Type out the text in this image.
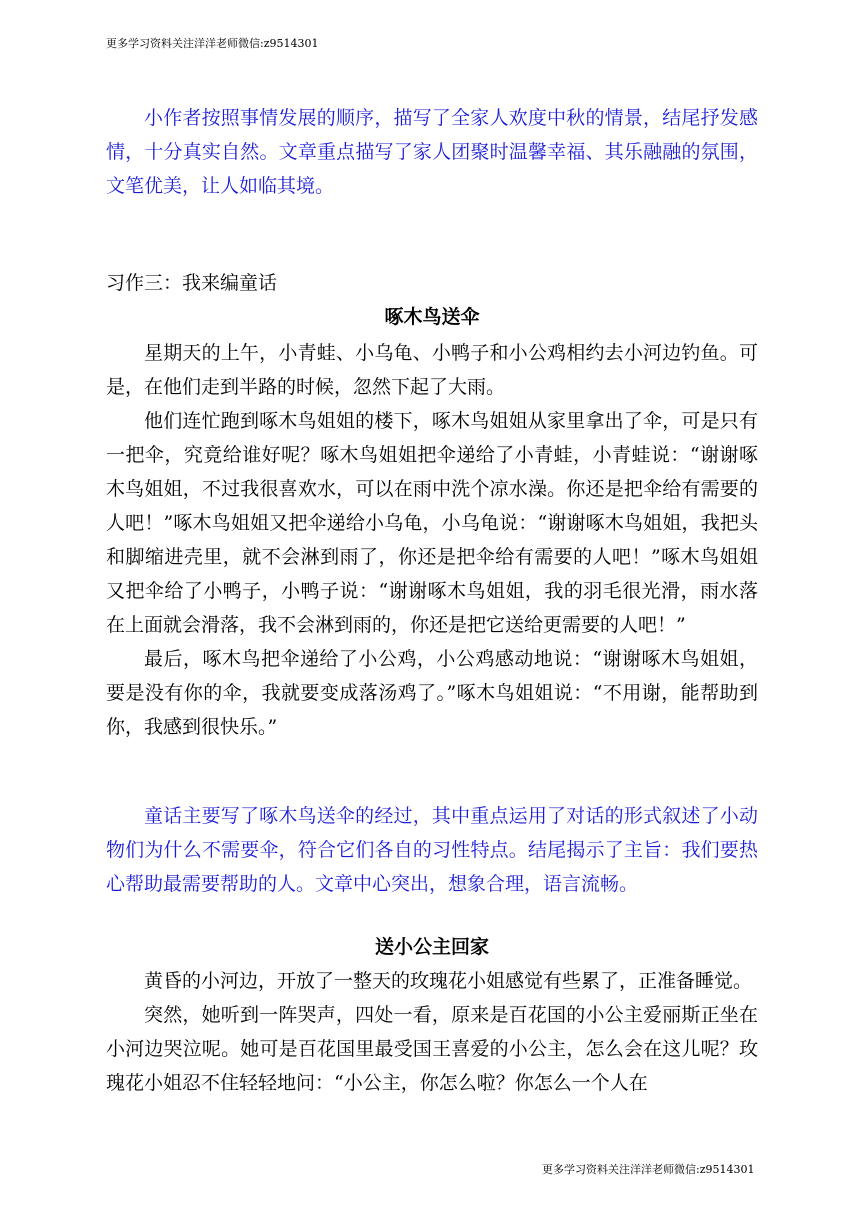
更多学习资料关注洋洋老师微信:z9514301

小作者按照事情发展的顺序，描写了全家人欢度中秋的情景，结尾抒发感情，十分真实自然。文章重点描写了家人团聚时温馨幸福、其乐融融的氛围，文笔优美，让人如临其境。

习作三：我来编童话
啄木鸟送伞

星期天的上午，小青蛙、小乌龟、小鸭子和小公鸡相约去小河边钓鱼。可是，在他们走到半路的时候，忽然下起了大雨。

他们连忙跑到啄木鸟姐姐的楼下，啄木鸟姐姐从家里拿出了伞，可是只有一把伞，究竟给谁好呢？啄木鸟姐姐把伞递给了小青蛙，小青蛙说：“谢谢啄木鸟姐姐，不过我很喜欢水，可以在雨中洗个凉水澡。你还是把伞给有需要的人吧！”啄木鸟姐姐又把伞递给小乌龟，小乌龟说：“谢谢啄木鸟姐姐，我把头和脚缩进壳里，就不会淋到雨了，你还是把伞给有需要的人吧！”啄木鸟姐姐又把伞给了小鸭子，小鸭子说：“谢谢啄木鸟姐姐，我的羽毛很光滑，雨水落在上面就会滑落，我不会淋到雨的，你还是把它送给更需要的人吧！”

最后，啄木鸟把伞递给了小公鸡，小公鸡感动地说：“谢谢啄木鸟姐姐，要是没有你的伞，我就要变成落汤鸡了。”啄木鸟姐姐说：“不用谢，能帮助到你，我感到很快乐。”

童话主要写了啄木鸟送伞的经过，其中重点运用了对话的形式叙述了小动物们为什么不需要伞，符合它们各自的习性特点。结尾揭示了主旨：我们要热心帮助最需要帮助的人。文章中心突出，想象合理，语言流畅。

送小公主回家

黄昏的小河边，开放了一整天的玫瑰花小姐感觉有些累了，正准备睡觉。

突然，她听到一阵哭声，四处一看，原来是百花国的小公主爱丽斯正坐在小河边哭泣呢。她可是百花国里最受国王喜爱的小公主，怎么会在这儿呢？玫瑰花小姐忍不住轻轻地问：“小公主，你怎么啦？你怎么一个人在

更多学习资料关注洋洋老师微信:z9514301
